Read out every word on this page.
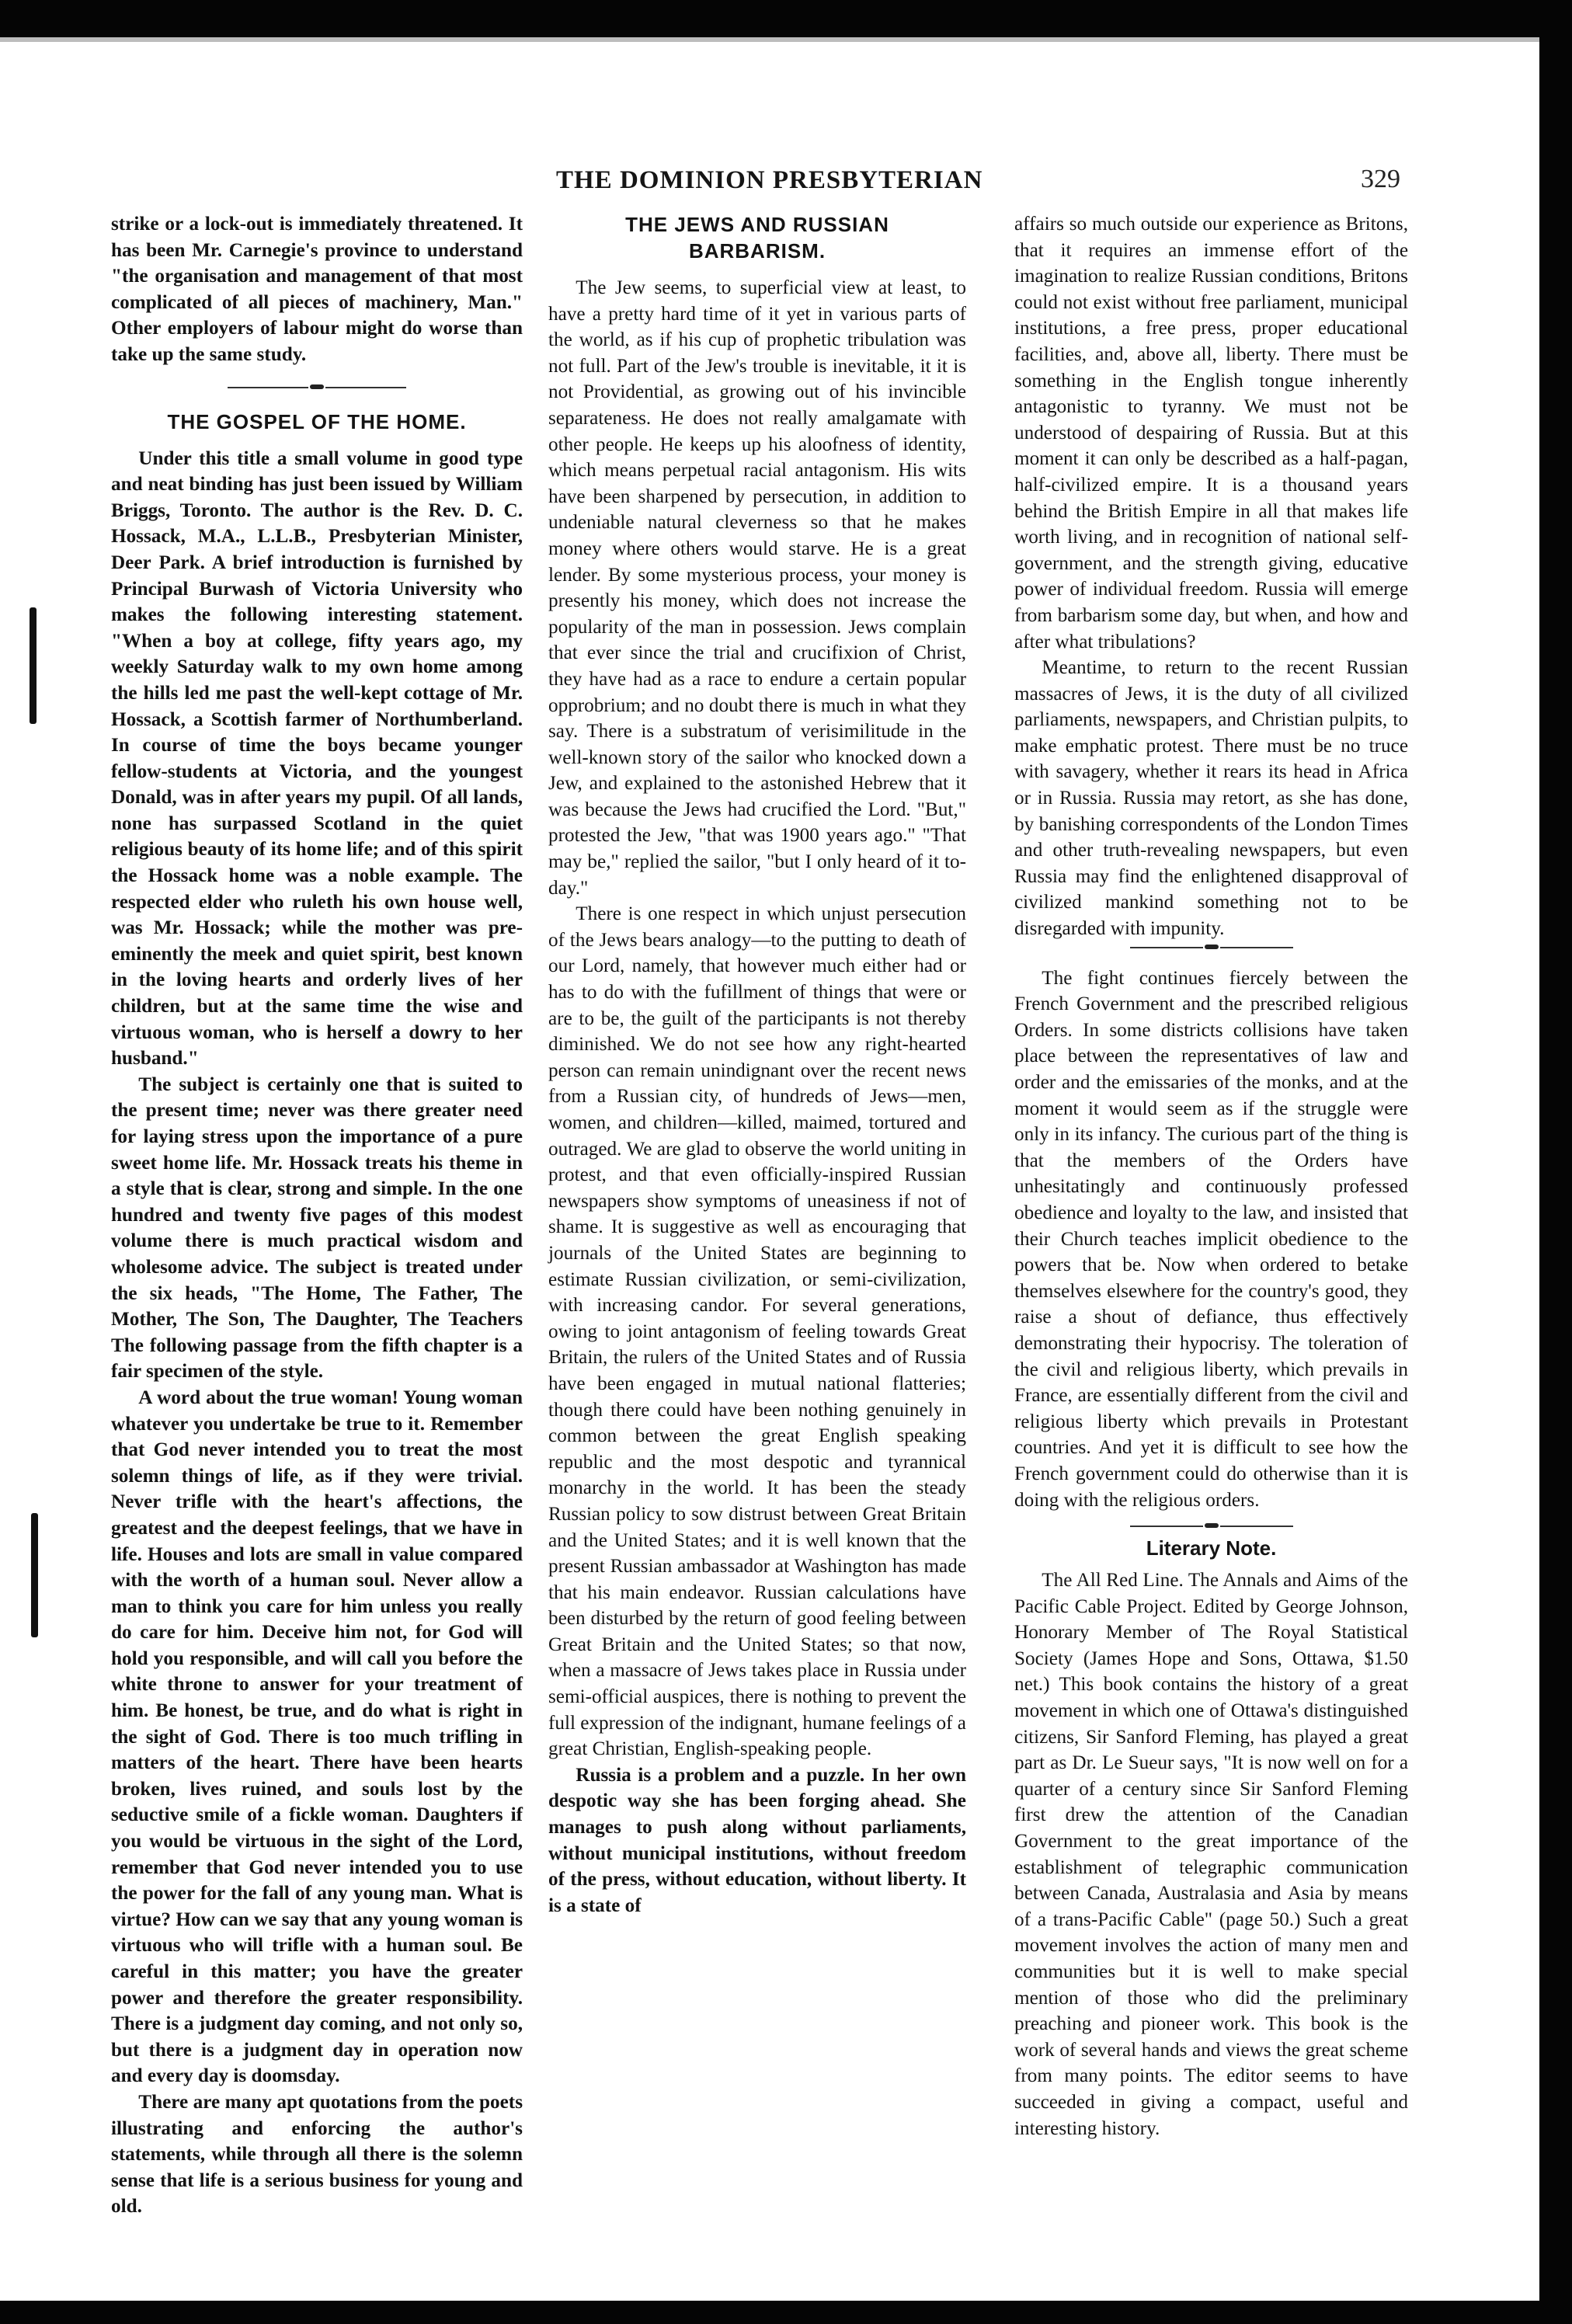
THE DOMINION PRESBYTERIAN	329

strike or a lock-out is immediately threatened. It has been Mr. Carnegie's province to understand "the organisation and management of that most complicated of all pieces of machinery, Man." Other employers of labour might do worse than take up the same study.

THE GOSPEL OF THE HOME.

Under this title a small volume in good type and neat binding has just been issued by William Briggs, Toronto. The author is the Rev. D. C. Hossack, M.A., L.L.B., Presbyterian Minister, Deer Park. A brief introduction is furnished by Principal Burwash of Victoria University who makes the following interesting statement. "When a boy at college, fifty years ago, my weekly Saturday walk to my own home among the hills led me past the well-kept cottage of Mr. Hossack, a Scottish farmer of Northumberland. In course of time the boys became younger fellow-students at Victoria, and the youngest Donald, was in after years my pupil. Of all lands, none has surpassed Scotland in the quiet religious beauty of its home life; and of this spirit the Hossack home was a noble example. The respected elder who ruleth his own house well, was Mr. Hossack; while the mother was pre-eminently the meek and quiet spirit, best known in the loving hearts and orderly lives of her children, but at the same time the wise and virtuous woman, who is herself a dowry to her husband."

The subject is certainly one that is suited to the present time; never was there greater need for laying stress upon the importance of a pure sweet home life. Mr. Hossack treats his theme in a style that is clear, strong and simple. In the one hundred and twenty five pages of this modest volume there is much practical wisdom and wholesome advice. The subject is treated under the six heads, "The Home, The Father, The Mother, The Son, The Daughter, The Teachers The following passage from the fifth chapter is a fair specimen of the style.

A word about the true woman! Young woman whatever you undertake be true to it. Remember that God never intended you to treat the most solemn things of life, as if they were trivial. Never trifle with the heart's affections, the greatest and the deepest feelings, that we have in life. Houses and lots are small in value compared with the worth of a human soul. Never allow a man to think you care for him unless you really do care for him. Deceive him not, for God will hold you responsible, and will call you before the white throne to answer for your treatment of him. Be honest, be true, and do what is right in the sight of God. There is too much trifling in matters of the heart. There have been hearts broken, lives ruined, and souls lost by the seductive smile of a fickle woman. Daughters if you would be virtuous in the sight of the Lord, remember that God never intended you to use the power for the fall of any young man. What is virtue? How can we say that any young woman is virtuous who will trifle with a human soul. Be careful in this matter; you have the greater power and therefore the greater responsibility. There is a judgment day coming, and not only so, but there is a judgment day in operation now and every day is doomsday.

There are many apt quotations from the poets illustrating and enforcing the author's statements, while through all there is the solemn sense that life is a serious business for young and old.

THE JEWS AND RUSSIAN BARBARISM.

The Jew seems, to superficial view at least, to have a pretty hard time of it yet in various parts of the world, as if his cup of prophetic tribulation was not full. Part of the Jew's trouble is inevitable, it it is not Providential, as growing out of his invincible separateness. He does not really amalgamate with other people. He keeps up his aloofness of identity, which means perpetual racial antagonism. His wits have been sharpened by persecution, in addition to undeniable natural cleverness so that he makes money where others would starve. He is a great lender. By some mysterious process, your money is presently his money, which does not increase the popularity of the man in possession. Jews complain that ever since the trial and crucifixion of Christ, they have had as a race to endure a certain popular opprobrium; and no doubt there is much in what they say. There is a substratum of verisimilitude in the well-known story of the sailor who knocked down a Jew, and explained to the astonished Hebrew that it was because the Jews had crucified the Lord. "But," protested the Jew, "that was 1900 years ago." "That may be," replied the sailor, "but I only heard of it to-day."

There is one respect in which unjust persecution of the Jews bears analogy—to the putting to death of our Lord, namely, that however much either had or has to do with the fufillment of things that were or are to be, the guilt of the participants is not thereby diminished. We do not see how any right-hearted person can remain unindignant over the recent news from a Russian city, of hundreds of Jews—men, women, and children—killed, maimed, tortured and outraged. We are glad to observe the world uniting in protest, and that even officially-inspired Russian newspapers show symptoms of uneasiness if not of shame. It is suggestive as well as encouraging that journals of the United States are beginning to estimate Russian civilization, or semi-civilization, with increasing candor. For several generations, owing to joint antagonism of feeling towards Great Britain, the rulers of the United States and of Russia have been engaged in mutual national flatteries; though there could have been nothing genuinely in common between the great English speaking republic and the most despotic and tyrannical monarchy in the world. It has been the steady Russian policy to sow distrust between Great Britain and the United States; and it is well known that the present Russian ambassador at Washington has made that his main endeavor. Russian calculations have been disturbed by the return of good feeling between Great Britain and the United States; so that now, when a massacre of Jews takes place in Russia under semi-official auspices, there is nothing to prevent the full expression of the indignant, humane feelings of a great Christian, English-speaking people.

Russia is a problem and a puzzle. In her own despotic way she has been forging ahead. She manages to push along without parliaments, without municipal institutions, without freedom of the press, without education, without liberty. It is a state of

affairs so much outside our experience as Britons, that it requires an immense effort of the imagination to realize Russian conditions, Britons could not exist without free parliament, municipal institutions, a free press, proper educational facilities, and, above all, liberty. There must be something in the English tongue inherently antagonistic to tyranny. We must not be understood of despairing of Russia. But at this moment it can only be described as a half-pagan, half-civilized empire. It is a thousand years behind the British Empire in all that makes life worth living, and in recognition of national self-government, and the strength giving, educative power of individual freedom. Russia will emerge from barbarism some day, but when, and how and after what tribulations?

Meantime, to return to the recent Russian massacres of Jews, it is the duty of all civilized parliaments, newspapers, and Christian pulpits, to make emphatic protest. There must be no truce with savagery, whether it rears its head in Africa or in Russia. Russia may retort, as she has done, by banishing correspondents of the London Times and other truth-revealing newspapers, but even Russia may find the enlightened disapproval of civilized mankind something not to be disregarded with impunity.

The fight continues fiercely between the French Government and the prescribed religious Orders. In some districts collisions have taken place between the representatives of law and order and the emissaries of the monks, and at the moment it would seem as if the struggle were only in its infancy. The curious part of the thing is that the members of the Orders have unhesitatingly and continuously professed obedience and loyalty to the law, and insisted that their Church teaches implicit obedience to the powers that be. Now when ordered to betake themselves elsewhere for the country's good, they raise a shout of defiance, thus effectively demonstrating their hypocrisy. The toleration of the civil and religious liberty, which prevails in France, are essentially different from the civil and religious liberty which prevails in Protestant countries. And yet it is difficult to see how the French government could do otherwise than it is doing with the religious orders.

Literary Note.

The All Red Line. The Annals and Aims of the Pacific Cable Project. Edited by George Johnson, Honorary Member of The Royal Statistical Society (James Hope and Sons, Ottawa, $1.50 net.) This book contains the history of a great movement in which one of Ottawa's distinguished citizens, Sir Sanford Fleming, has played a great part as Dr. Le Sueur says, "It is now well on for a quarter of a century since Sir Sanford Fleming first drew the attention of the Canadian Government to the great importance of the establishment of telegraphic communication between Canada, Australasia and Asia by means of a trans-Pacific Cable" (page 50.) Such a great movement involves the action of many men and communities but it is well to make special mention of those who did the preliminary preaching and pioneer work. This book is the work of several hands and views the great scheme from many points. The editor seems to have succeeded in giving a compact, useful and interesting history.
